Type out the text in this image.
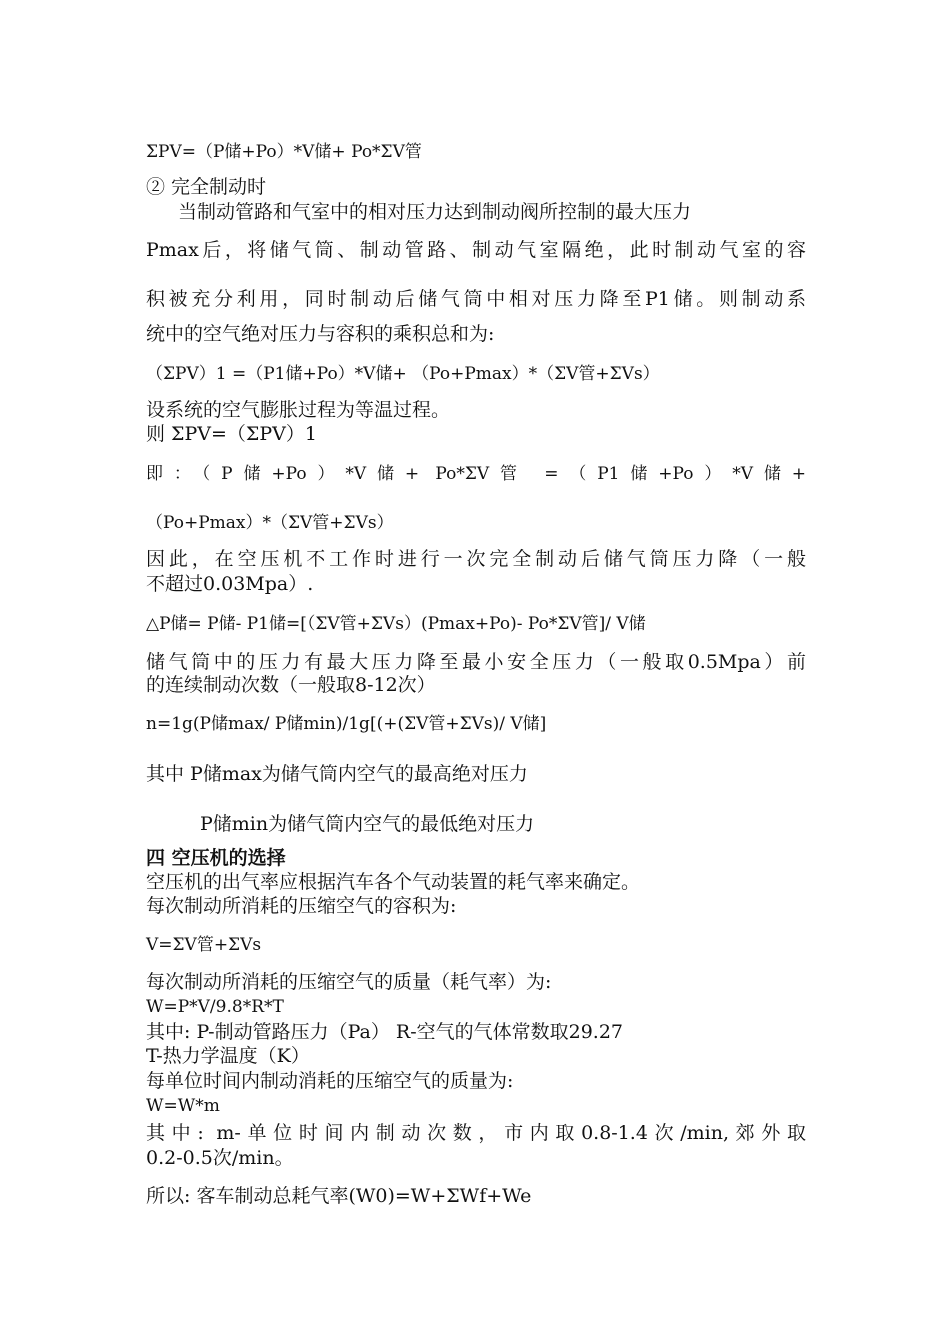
ΣPV=（P储+Po）*V储+ Po*ΣV管
② 完全制动时
当制动管路和气室中的相对压力达到制动阀所控制的最大压力
Pmax后，将储气筒、制动管路、制动气室隔绝，此时制动气室的容
积被充分利用，同时制动后储气筒中相对压力降至P1储。则制动系
统中的空气绝对压力与容积的乘积总和为:
（ΣPV）1 =（P1储+Po）*V储+ （Po+Pmax）*（ΣV管+ΣVs）
设系统的空气膨胀过程为等温过程。
则 ΣPV=（ΣPV）1
即：（P储+Po）*V储+ Po*ΣV管 =（P1储+Po）*V储+
（Po+Pmax）*（ΣV管+ΣVs）
因此，在空压机不工作时进行一次完全制动后储气筒压力降（一般
不超过0.03Mpa）.
△P储= P储- P1储=[（ΣV管+ΣVs）(Pmax+Po)- Po*ΣV管]/ V储
储气筒中的压力有最大压力降至最小安全压力（一般取0.5Mpa）前
的连续制动次数（一般取8-12次）
n=1g(P储max/ P储min)/1g[(+(ΣV管+ΣVs)/ V储]
其中 P储max为储气筒内空气的最高绝对压力
P储min为储气筒内空气的最低绝对压力
四 空压机的选择
空压机的出气率应根据汽车各个气动装置的耗气率来确定。
每次制动所消耗的压缩空气的容积为:
V=ΣV管+ΣVs
每次制动所消耗的压缩空气的质量（耗气率）为:
W=P*V/9.8*R*T
其中: P-制动管路压力（Pa） R-空气的气体常数取29.27
T-热力学温度（K）
每单位时间内制动消耗的压缩空气的质量为:
W=W*m
其中: m-单位时间内制动次数，市内取0.8-1.4次/min,郊外取
0.2-0.5次/min。
所以: 客车制动总耗气率(W0)=W+ΣWf+We
